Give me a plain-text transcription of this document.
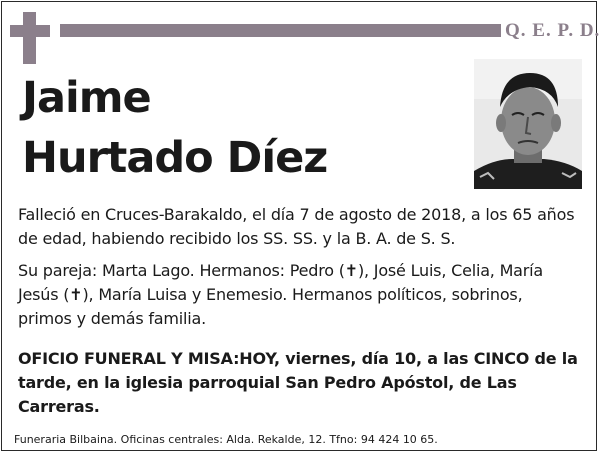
Q. E. P. D.
Jaime
Hurtado Díez

Falleció en Cruces-Barakaldo, el día 7 de agosto de 2018, a los 65 años de edad, habiendo recibido los SS. SS. y la B. A. de S. S.

Su pareja: Marta Lago. Hermanos: Pedro (✝), José Luis, Celia, María Jesús (✝), María Luisa y Enemesio. Hermanos políticos, sobrinos, primos y demás familia.

OFICIO FUNERAL Y MISA:HOY, viernes, día 10, a las CINCO de la tarde, en la iglesia parroquial San Pedro Apóstol, de Las Carreras.

Funeraria Bilbaina. Oficinas centrales: Alda. Rekalde, 12. Tfno: 94 424 10 65.
